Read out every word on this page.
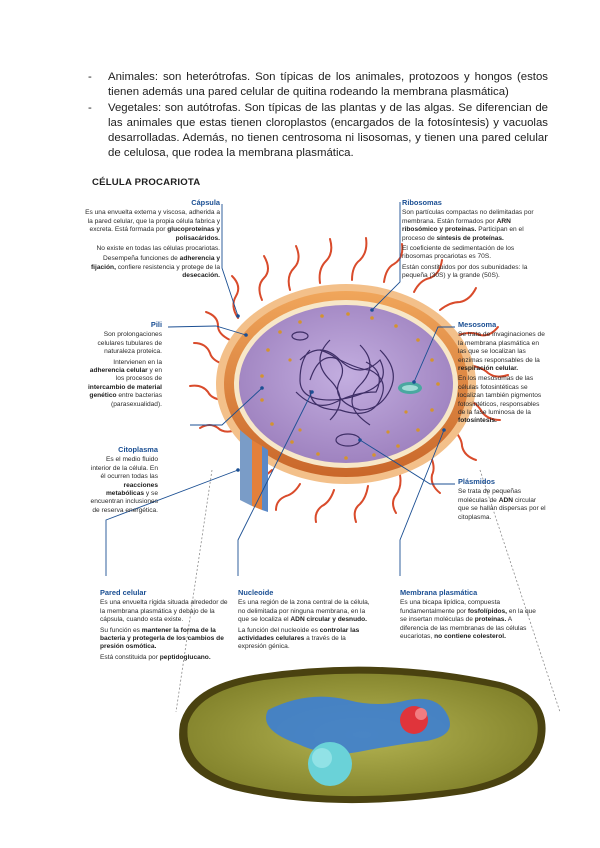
- Animales: son heterótrofas. Son típicas de los animales, protozoos y hongos (estos tienen además una pared celular de quitina rodeando la membrana plasmática)
- Vegetales: son autótrofas. Son típicas de las plantas y de las algas. Se diferencian de las animales que estas tienen cloroplastos (encargados de la fotosíntesis) y vacuolas desarrolladas. Además, no tienen centrosoma ni lisosomas, y tienen una pared celular de celulosa, que rodea la membrana plasmática.
CÉLULA PROCARIOTA
Cápsula

Es una envuelta externa y viscosa, adherida a la pared celular, que la propia célula fabrica y excreta. Está formada por glucoproteínas y polisacáridos.

No existe en todas las células procariotas.

Desempeña funciones de adherencia y fijación, confiere resistencia y protege de la desecación.

Pili

Son prolongaciones celulares tubulares de naturaleza proteica.

Intervienen en la adherencia celular y en los procesos de intercambio de material genético entre bacterias (parasexualidad).

Citoplasma

Es el medio fluido interior de la célula. En él ocurren todas las reacciones metabólicas y se encuentran inclusiones de reserva energética.

Ribosomas

Son partículas compactas no delimitadas por membrana. Están formados por ARN ribosómico y proteínas. Participan en el proceso de síntesis de proteínas.

El coeficiente de sedimentación de los ribosomas procariotas es 70S.

Están constituidos por dos subunidades: la pequeña (30S) y la grande (50S).

Mesosoma

Se trata de invaginaciones de la membrana plasmática en las que se localizan las enzimas responsables de la respiración celular.

En los mesosomas de las células fotosintéticas se localizan también pigmentos fotosintéticos, responsables de la fase luminosa de la fotosíntesis.

Plásmidos

Se trata de pequeñas moléculas de ADN circular que se hallan dispersas por el citoplasma.

Pared celular

Es una envuelta rígida situada alrededor de la membrana plasmática y debajo de la cápsula, cuando esta existe.

Su función es mantener la forma de la bacteria y protegerla de los cambios de presión osmótica.

Está constituida por peptidoglucano.

Nucleoide

Es una región de la zona central de la célula, no delimitada por ninguna membrana, en la que se localiza el ADN circular y desnudo.

La función del nucleoide es controlar las actividades celulares a través de la expresión génica.

Membrana plasmática

Es una bicapa lipídica, compuesta fundamentalmente por fosfolípidos, en la que se insertan moléculas de proteínas. A diferencia de las membranas de las células eucariotas, no contiene colesterol.
